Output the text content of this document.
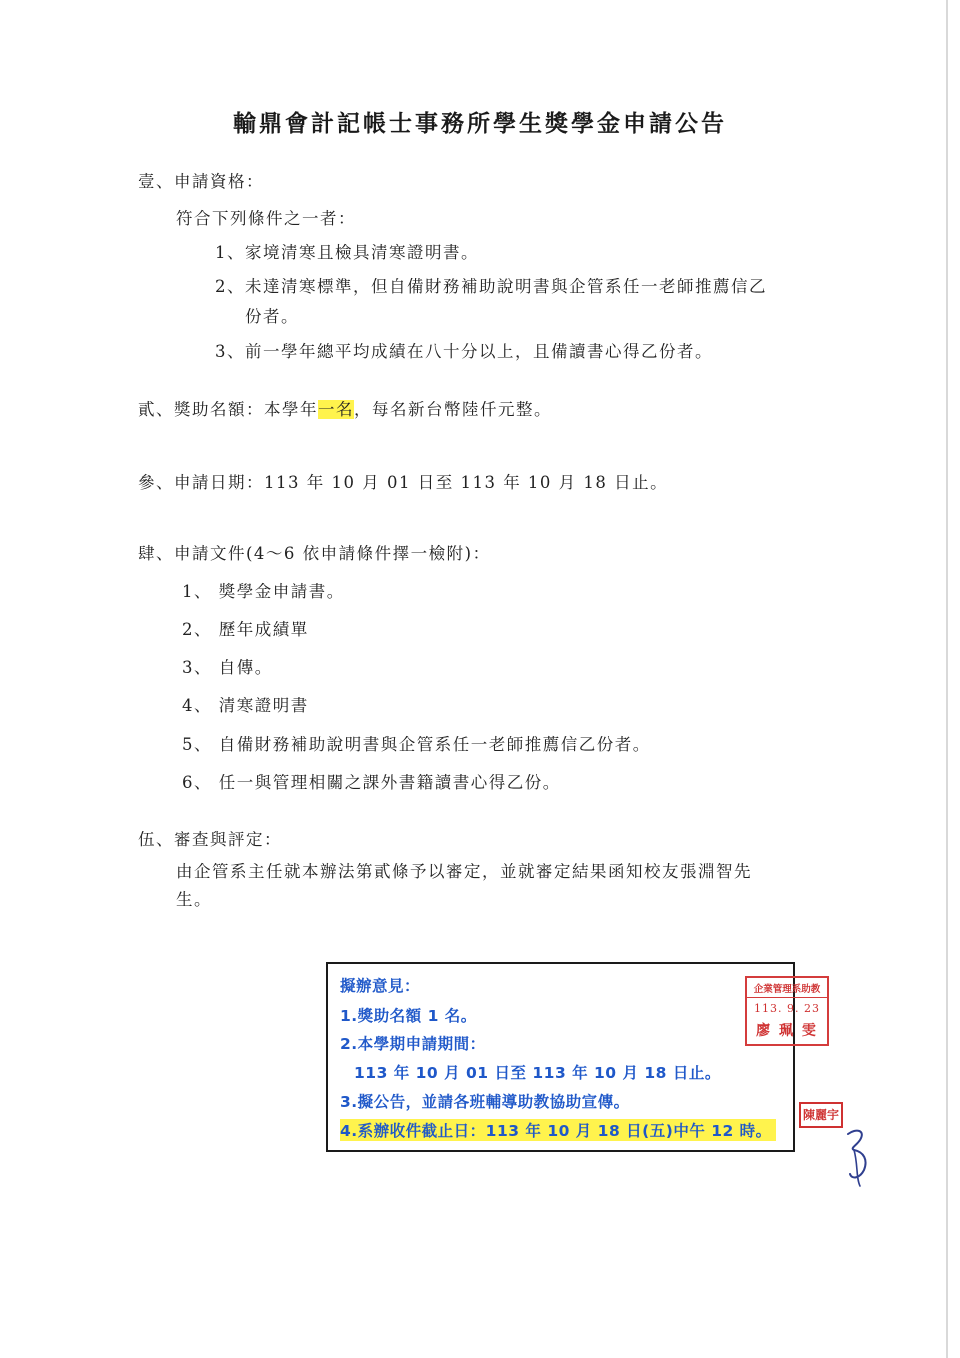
輸鼎會計記帳士事務所學生獎學金申請公告
壹、申請資格：
符合下列條件之一者：
1、家境清寒且檢具清寒證明書。
2、未達清寒標準，但自備財務補助說明書與企管系任一老師推薦信乙
份者。
3、前一學年總平均成績在八十分以上，且備讀書心得乙份者。
貳、獎助名額：本學年一名，每名新台幣陸仟元整。
參、申請日期：113 年 10 月 01 日至 113 年 10 月 18 日止。
肆、申請文件(4～6 依申請條件擇一檢附)：
1、 獎學金申請書。
2、 歷年成績單
3、 自傳。
4、 清寒證明書
5、 自備財務補助說明書與企管系任一老師推薦信乙份者。
6、 任一與管理相關之課外書籍讀書心得乙份。
伍、審查與評定：
由企管系主任就本辦法第貳條予以審定，並就審定結果函知校友張淵智先
生。
擬辦意見：
1.獎助名額 1 名。
2.本學期申請期間：
113 年 10 月 01 日至 113 年 10 月 18 日止。
3.擬公告，並請各班輔導助教協助宣傳。
4.系辦收件截止日：113 年 10 月 18 日(五)中午 12 時。
企業管理系助教
113. 9. 23
廖 珮 雯
陳麗宇
